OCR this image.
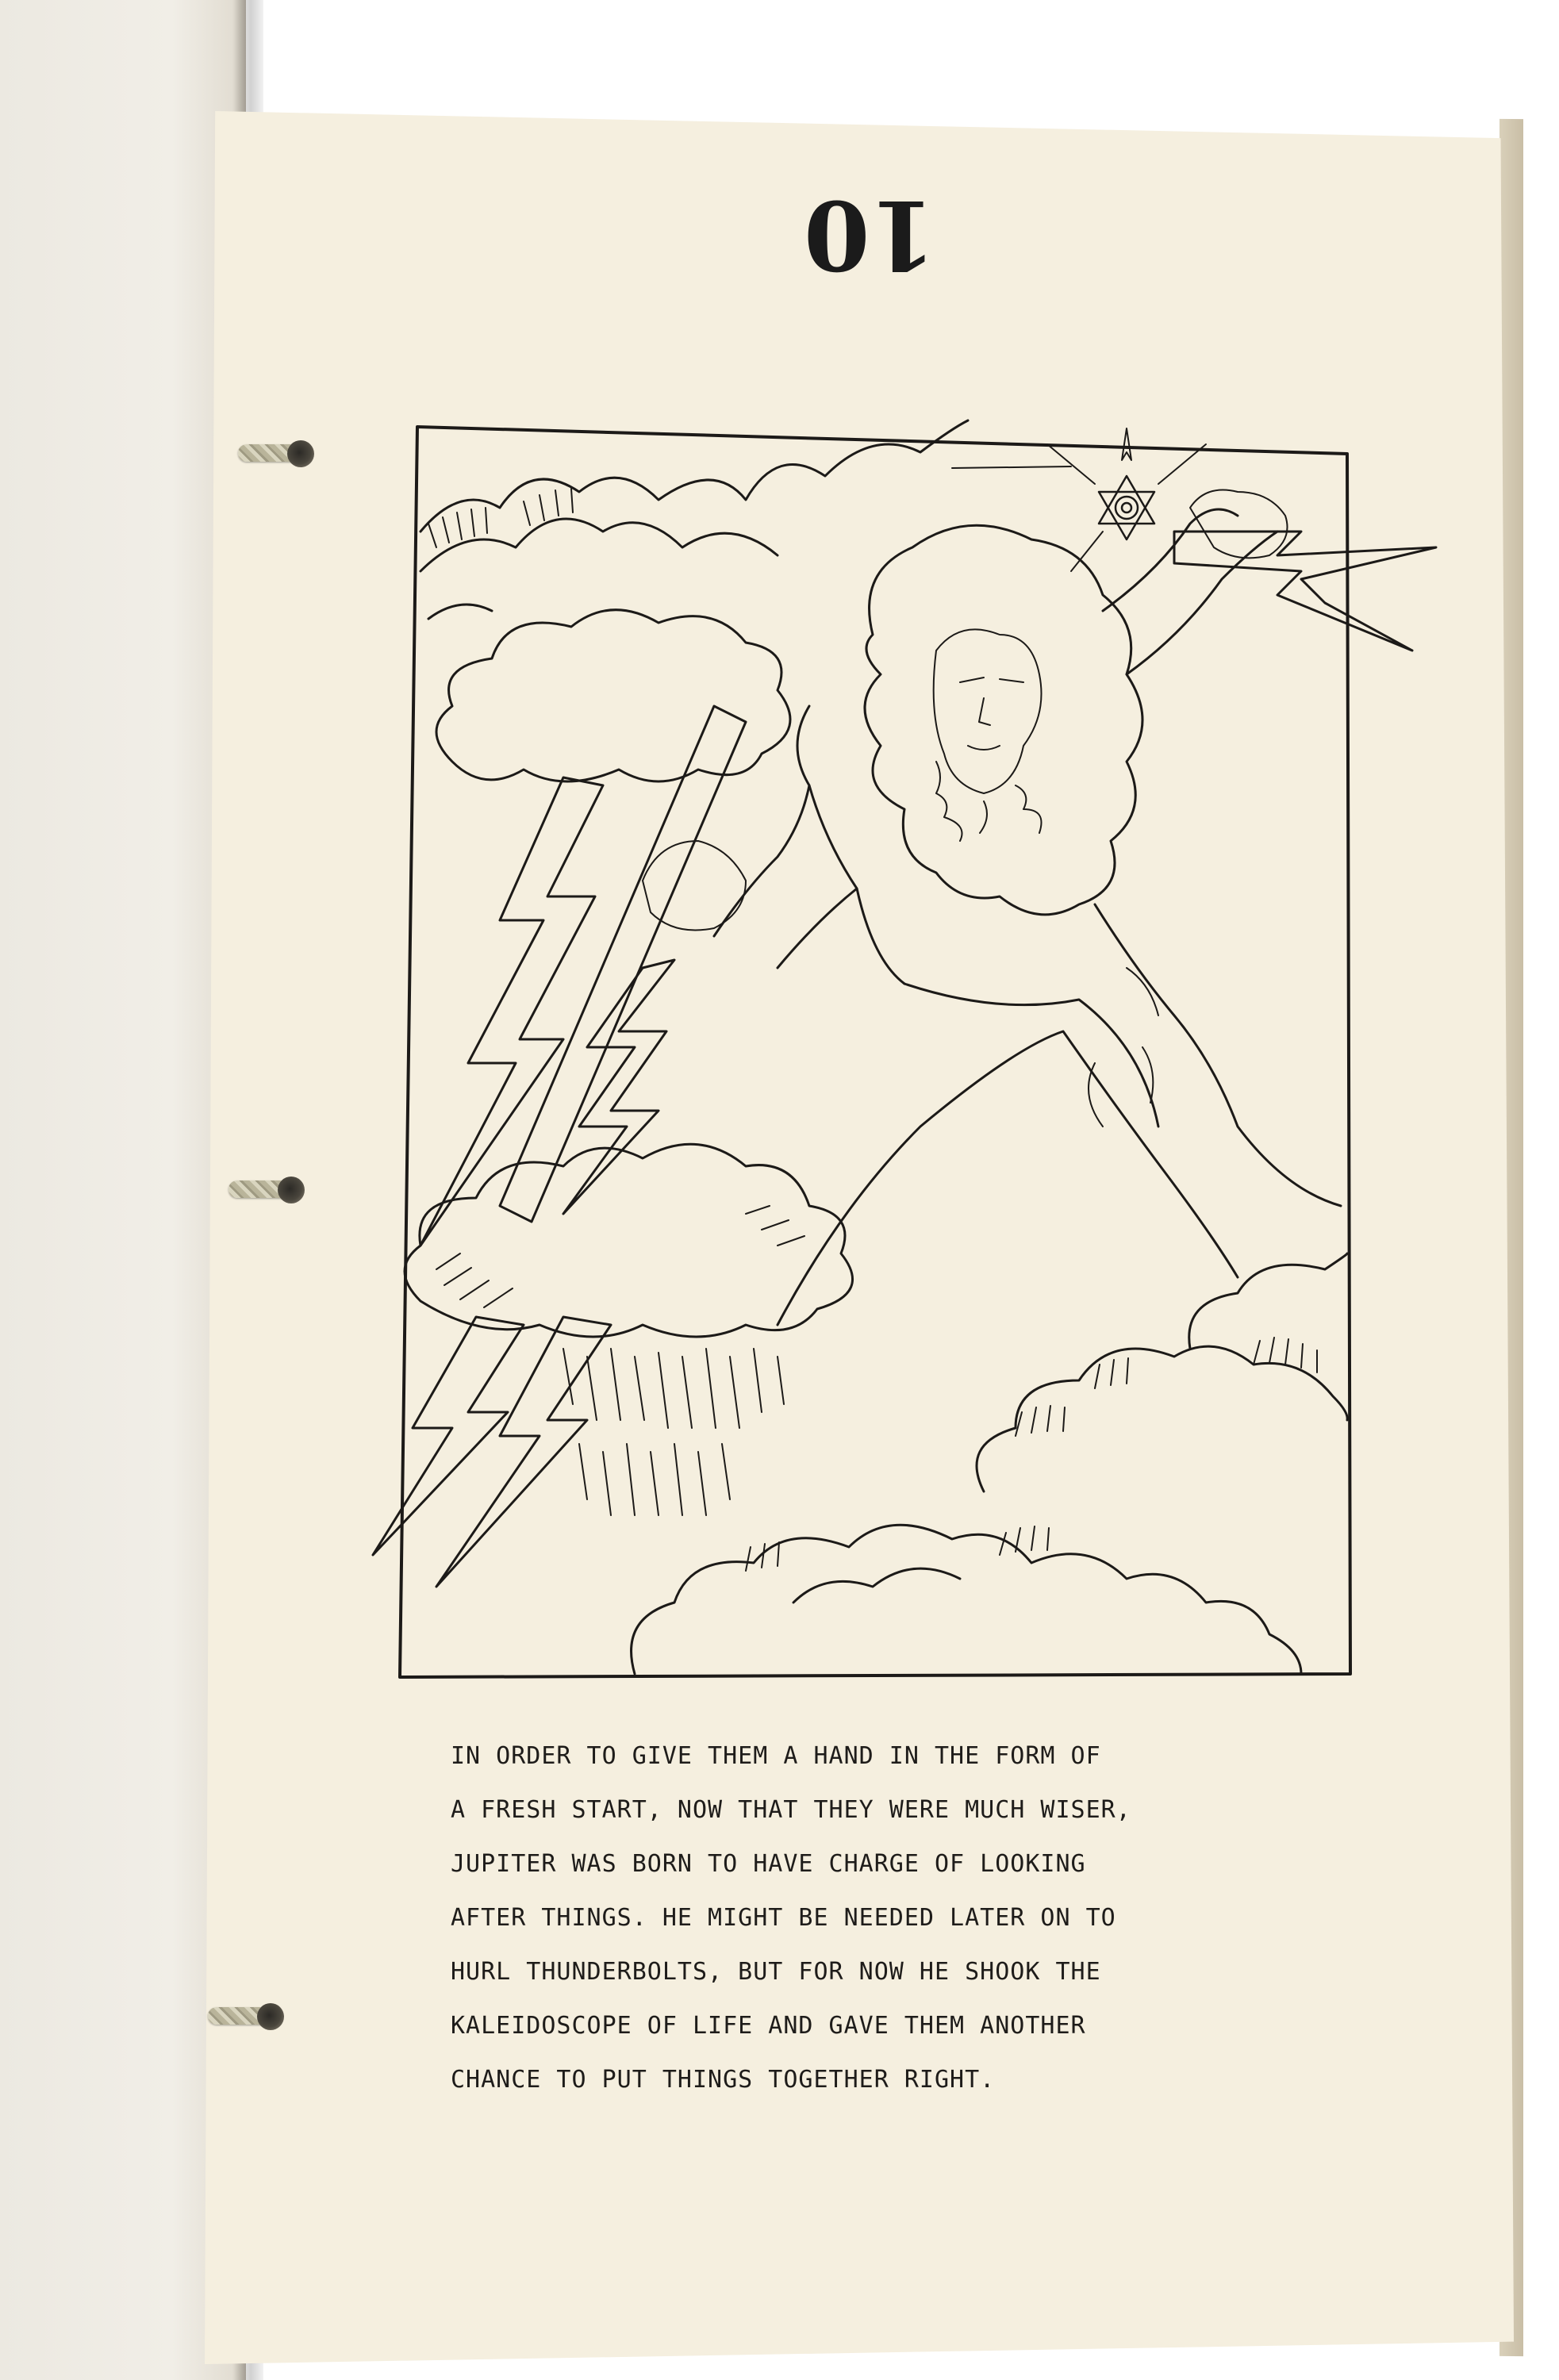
10

IN ORDER TO GIVE THEM A HAND IN THE FORM OF
A FRESH START, NOW THAT THEY WERE MUCH WISER,
JUPITER WAS BORN TO HAVE CHARGE OF LOOKING
AFTER THINGS. HE MIGHT BE NEEDED LATER ON TO
HURL THUNDERBOLTS, BUT FOR NOW HE SHOOK THE
KALEIDOSCOPE OF LIFE AND GAVE THEM ANOTHER
CHANCE TO PUT THINGS TOGETHER RIGHT.
